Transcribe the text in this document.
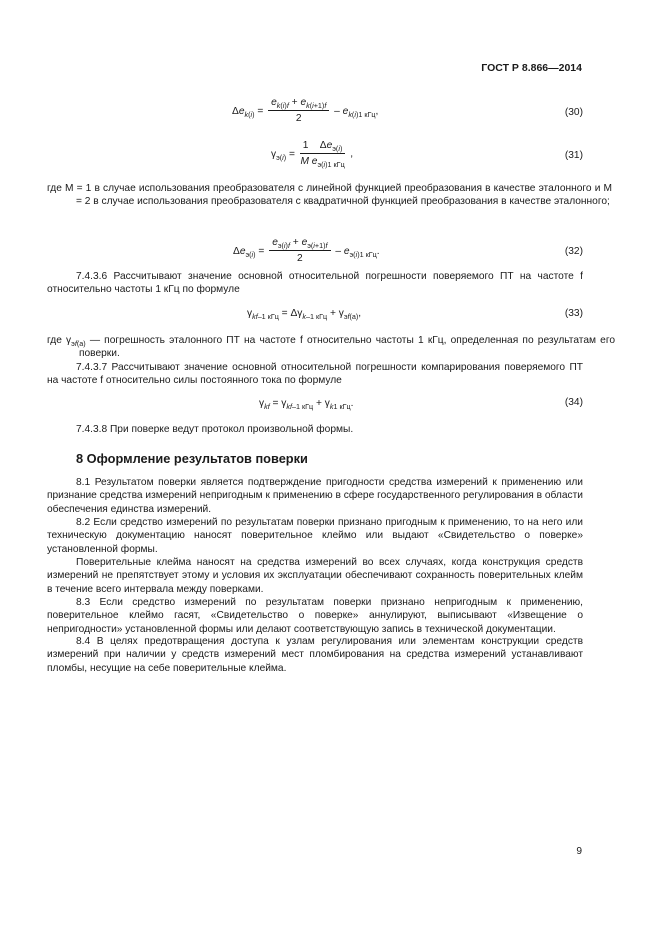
ГОСТ Р 8.866—2014
$\Delta e_{k(i)} = \frac{e_{k(i)f} + e_{k(i+1)f}}{2} - e_{k(i)1 кГц}$,	(30)
$\gamma_{э(i)} = \frac{1 \Delta e_{э(i)}}{M e_{э(i)1 кГц}}$ ,	(31)
где M = 1 в случае использования преобразователя с линейной функцией преобразования в качестве эталонного и M = 2 в случае использования преобразователя с квадратичной функцией преобразования в качестве эталонного;
$\Delta e_{э(i)} = \frac{e_{э(i)f} + e_{э(i+1)f}}{2} - e_{э(i)1 кГц}$.	(32)
7.4.3.6 Рассчитывают значение основной относительной погрешности поверяемого ПТ на частоте f относительно частоты 1 кГц по формуле
$\gamma_{kf-1 кГц} = \Delta\gamma_{k-1 кГц} + \gamma_{эf(а)}$,	(33)
где $\gamma_{эf(а)}$ — погрешность эталонного ПТ на частоте f относительно частоты 1 кГц, определенная по результатам его поверки.
7.4.3.7 Рассчитывают значение основной относительной погрешности компарирования поверяемого ПТ на частоте f относительно силы постоянного тока по формуле
$\gamma_{kf} = \gamma_{kf-1 кГц} + \gamma_{k1 кГц}$.	(34)
7.4.3.8 При поверке ведут протокол произвольной формы.
8 Оформление результатов поверки
8.1 Результатом поверки является подтверждение пригодности средства измерений к применению или признание средства измерений непригодным к применению в сфере государственного регулирования в области обеспечения единства измерений.
8.2 Если средство измерений по результатам поверки признано пригодным к применению, то на него или техническую документацию наносят поверительное клеймо или выдают «Свидетельство о поверке» установленной формы.
Поверительные клейма наносят на средства измерений во всех случаях, когда конструкция средств измерений не препятствует этому и условия их эксплуатации обеспечивают сохранность поверительных клейм в течение всего интервала между поверками.
8.3 Если средство измерений по результатам поверки признано непригодным к применению, поверительное клеймо гасят, «Свидетельство о поверке» аннулируют, выписывают «Извещение о непригодности» установленной формы или делают соответствующую запись в технической документации.
8.4 В целях предотвращения доступа к узлам регулирования или элементам конструкции средств измерений при наличии у средств измерений мест пломбирования на средства измерений устанавливают пломбы, несущие на себе поверительные клейма.
9
